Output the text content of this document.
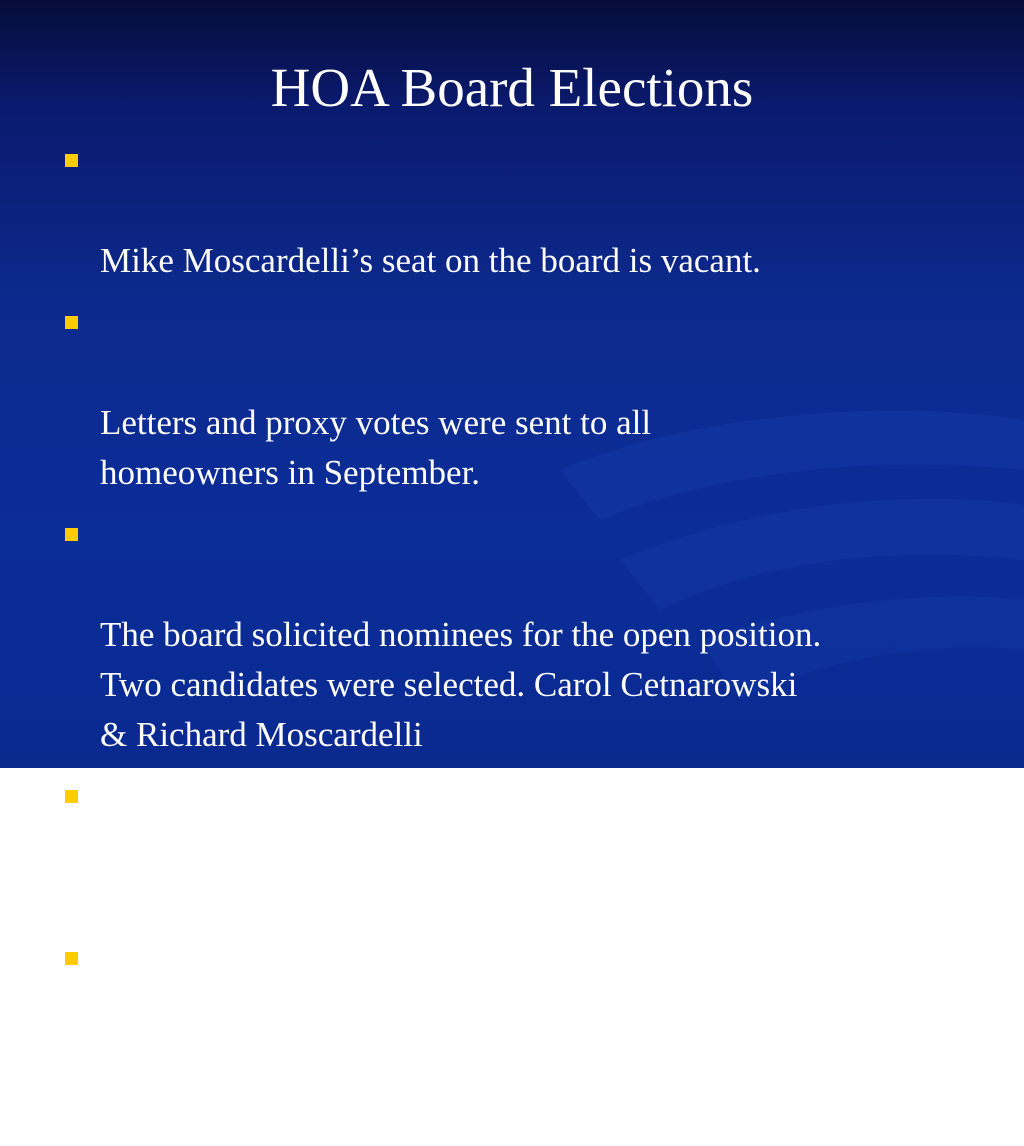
HOA Board Elections

Mike Moscardelli’s seat on the board is vacant.

Letters and proxy votes were sent to all
homeowners in September.

The board solicited nominees for the open position.
Two candidates were selected. Carol Cetnarowski
& Richard Moscardelli

Are there other floor nominations?

Please cast your votes before leaving if you have
not done so already.
